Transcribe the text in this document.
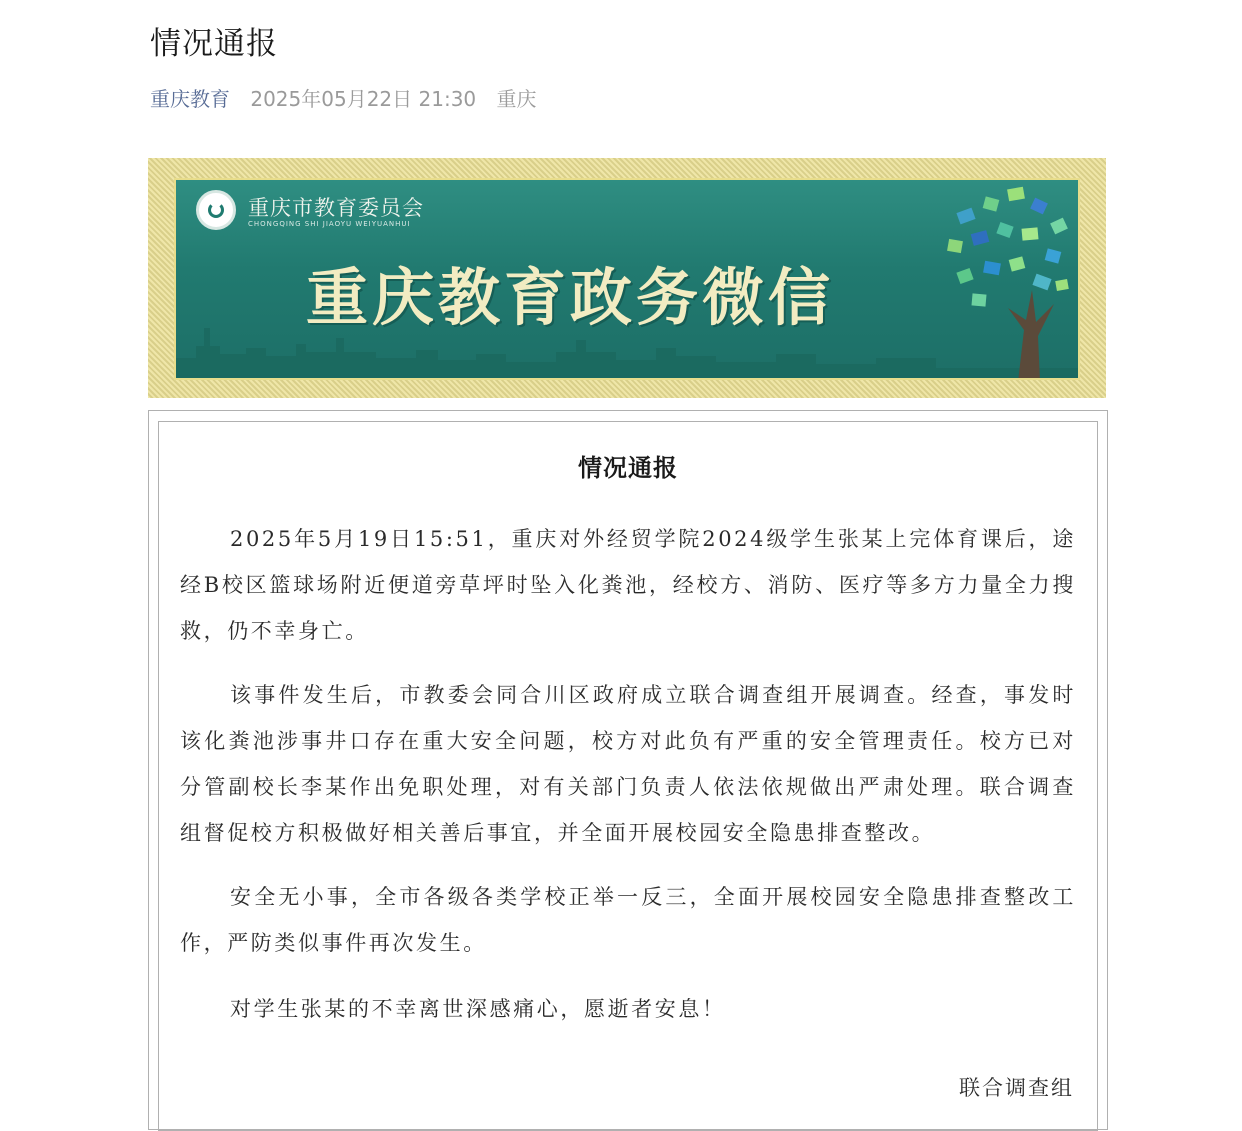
情况通报
重庆教育 2025年05月22日 21:30 重庆
重庆市教育委员会
CHONGQING SHI JIAOYU WEIYUANHUI
重庆教育政务微信
情况通报

2025年5月19日15:51，重庆对外经贸学院2024级学生张某上完体育课后，途经B校区篮球场附近便道旁草坪时坠入化粪池，经校方、消防、医疗等多方力量全力搜救，仍不幸身亡。

该事件发生后，市教委会同合川区政府成立联合调查组开展调查。经查，事发时该化粪池涉事井口存在重大安全问题，校方对此负有严重的安全管理责任。校方已对分管副校长李某作出免职处理，对有关部门负责人依法依规做出严肃处理。联合调查组督促校方积极做好相关善后事宜，并全面开展校园安全隐患排查整改。

安全无小事，全市各级各类学校正举一反三，全面开展校园安全隐患排查整改工作，严防类似事件再次发生。

对学生张某的不幸离世深感痛心，愿逝者安息！

联合调查组
